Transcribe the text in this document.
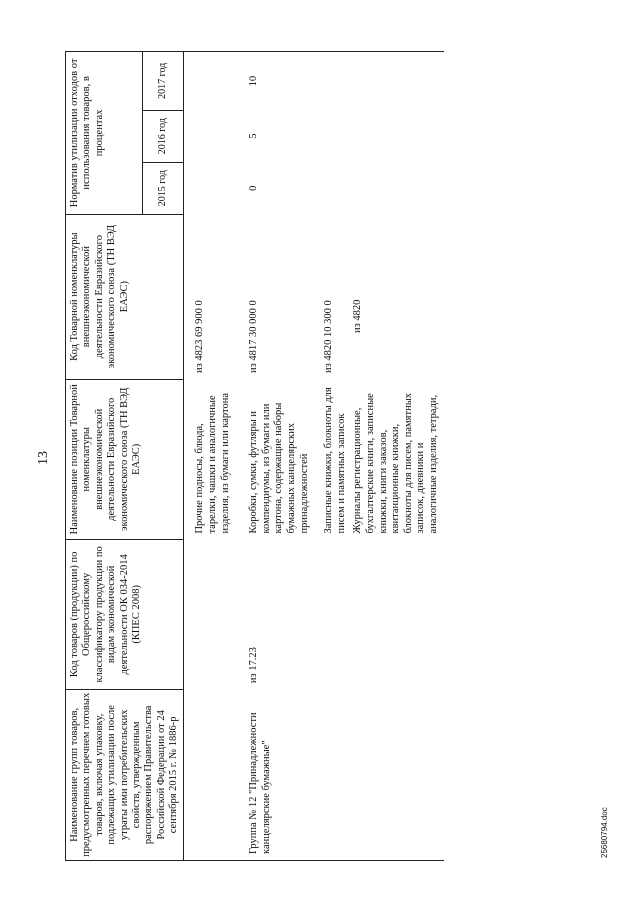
13
25680794.doc
Наименование групп товаров, предусмотренных перечнем готовых товаров, включая упаковку, подлежащих утилизации после утраты ими потребительских свойств, утвержденным распоряжением Правительства Российской Федерации от 24 сентября 2015 г. № 1886-р	Код товаров (продукции) по Общероссийскому классификатору продукции по видам экономической деятельности ОК 034-2014 (КПЕС 2008)	Наименование позиции Товарной номенклатуры внешнеэкономической деятельности Евразийского экономического союза (ТН ВЭД ЕАЭС)	Код Товарной номенклатуры внешнеэкономической деятельности Евразийского экономического союза (ТН ВЭД ЕАЭС)	Норматив утилизации отходов от использования товаров, в процентах		
				2015 год	2016 год	2017 год
		Прочие подносы, блюда, тарелки, чашки и аналогичные изделия, из бумаги или картона	из 4823 69 900 0			
Группа № 12 "Принадлежности канцелярские бумажные"	из 17.23	Коробки, сумки, футляры и компендиумы, из бумаги или картона, содержащие наборы бумажных канцелярских принадлежностей	из 4817 30 000 0	0	5	10
		Записные книжки, блокноты для писем и памятных записок	из 4820 10 300 0			
		Журналы регистрационные, бухгалтерские книги, записные книжки, книги заказов, квитанционные книжки, блокноты для писем, памятных записок, дневники и аналогичные изделия, тетради,	из 4820			
